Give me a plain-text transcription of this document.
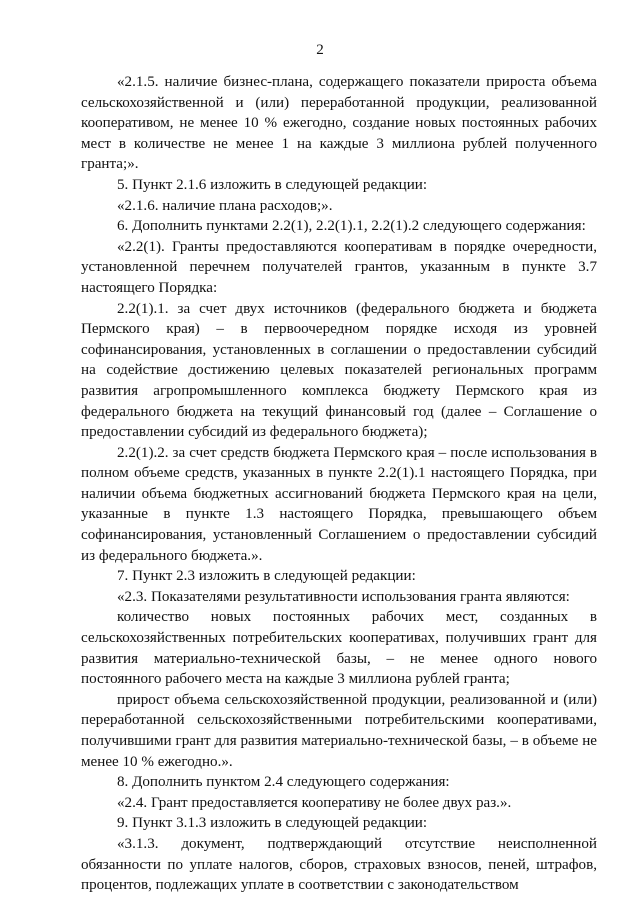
2

«2.1.5. наличие бизнес-плана, содержащего показатели прироста объема сельскохозяйственной и (или) переработанной продукции, реализованной кооперативом, не менее 10 % ежегодно, создание новых постоянных рабочих мест в количестве не менее 1 на каждые 3 миллиона рублей полученного гранта;».

5. Пункт 2.1.6 изложить в следующей редакции:

«2.1.6. наличие плана расходов;».

6. Дополнить пунктами 2.2(1), 2.2(1).1, 2.2(1).2 следующего содержания:

«2.2(1). Гранты предоставляются кооперативам в порядке очередности, установленной перечнем получателей грантов, указанным в пункте 3.7 настоящего Порядка:

2.2(1).1. за счет двух источников (федерального бюджета и бюджета Пермского края) – в первоочередном порядке исходя из уровней софинансирования, установленных в соглашении о предоставлении субсидий на содействие достижению целевых показателей региональных программ развития агропромышленного комплекса бюджету Пермского края из федерального бюджета на текущий финансовый год (далее – Соглашение о предоставлении субсидий из федерального бюджета);

2.2(1).2. за счет средств бюджета Пермского края – после использования в полном объеме средств, указанных в пункте 2.2(1).1 настоящего Порядка, при наличии объема бюджетных ассигнований бюджета Пермского края на цели, указанные в пункте 1.3 настоящего Порядка, превышающего объем софинансирования, установленный Соглашением о предоставлении субсидий из федерального бюджета.».

7. Пункт 2.3 изложить в следующей редакции:

«2.3. Показателями результативности использования гранта являются:

количество новых постоянных рабочих мест, созданных в сельскохозяйственных потребительских кооперативах, получивших грант для развития материально-технической базы, – не менее одного нового постоянного рабочего места на каждые 3 миллиона рублей гранта;

прирост объема сельскохозяйственной продукции, реализованной и (или) переработанной сельскохозяйственными потребительскими кооперативами, получившими грант для развития материально-технической базы, – в объеме не менее 10 % ежегодно.».

8. Дополнить пунктом 2.4 следующего содержания:

«2.4. Грант предоставляется кооперативу не более двух раз.».

9. Пункт 3.1.3 изложить в следующей редакции:

«3.1.3. документ, подтверждающий отсутствие неисполненной обязанности по уплате налогов, сборов, страховых взносов, пеней, штрафов, процентов, подлежащих уплате в соответствии с законодательством
